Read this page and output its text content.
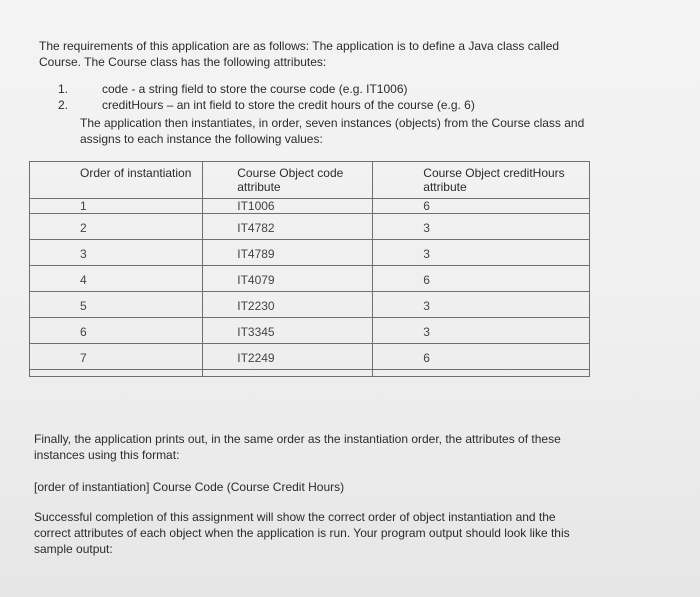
The requirements of this application are as follows: The application is to define a Java class called Course. The Course class has the following attributes:

1.	code - a string field to store the course code (e.g. IT1006)
2.	creditHours – an int field to store the credit hours of the course (e.g. 6)

The application then instantiates, in order, seven instances (objects) from the Course class and assigns to each instance the following values:

Order of instantiation	Course Object code attribute	Course Object creditHours attribute
1	IT1006	6
2	IT4782	3
3	IT4789	3
4	IT4079	6
5	IT2230	3
6	IT3345	3
7	IT2249	6

Finally, the application prints out, in the same order as the instantiation order, the attributes of these instances using this format:

[order of instantiation] Course Code (Course Credit Hours)

Successful completion of this assignment will show the correct order of object instantiation and the correct attributes of each object when the application is run. Your program output should look like this sample output:
